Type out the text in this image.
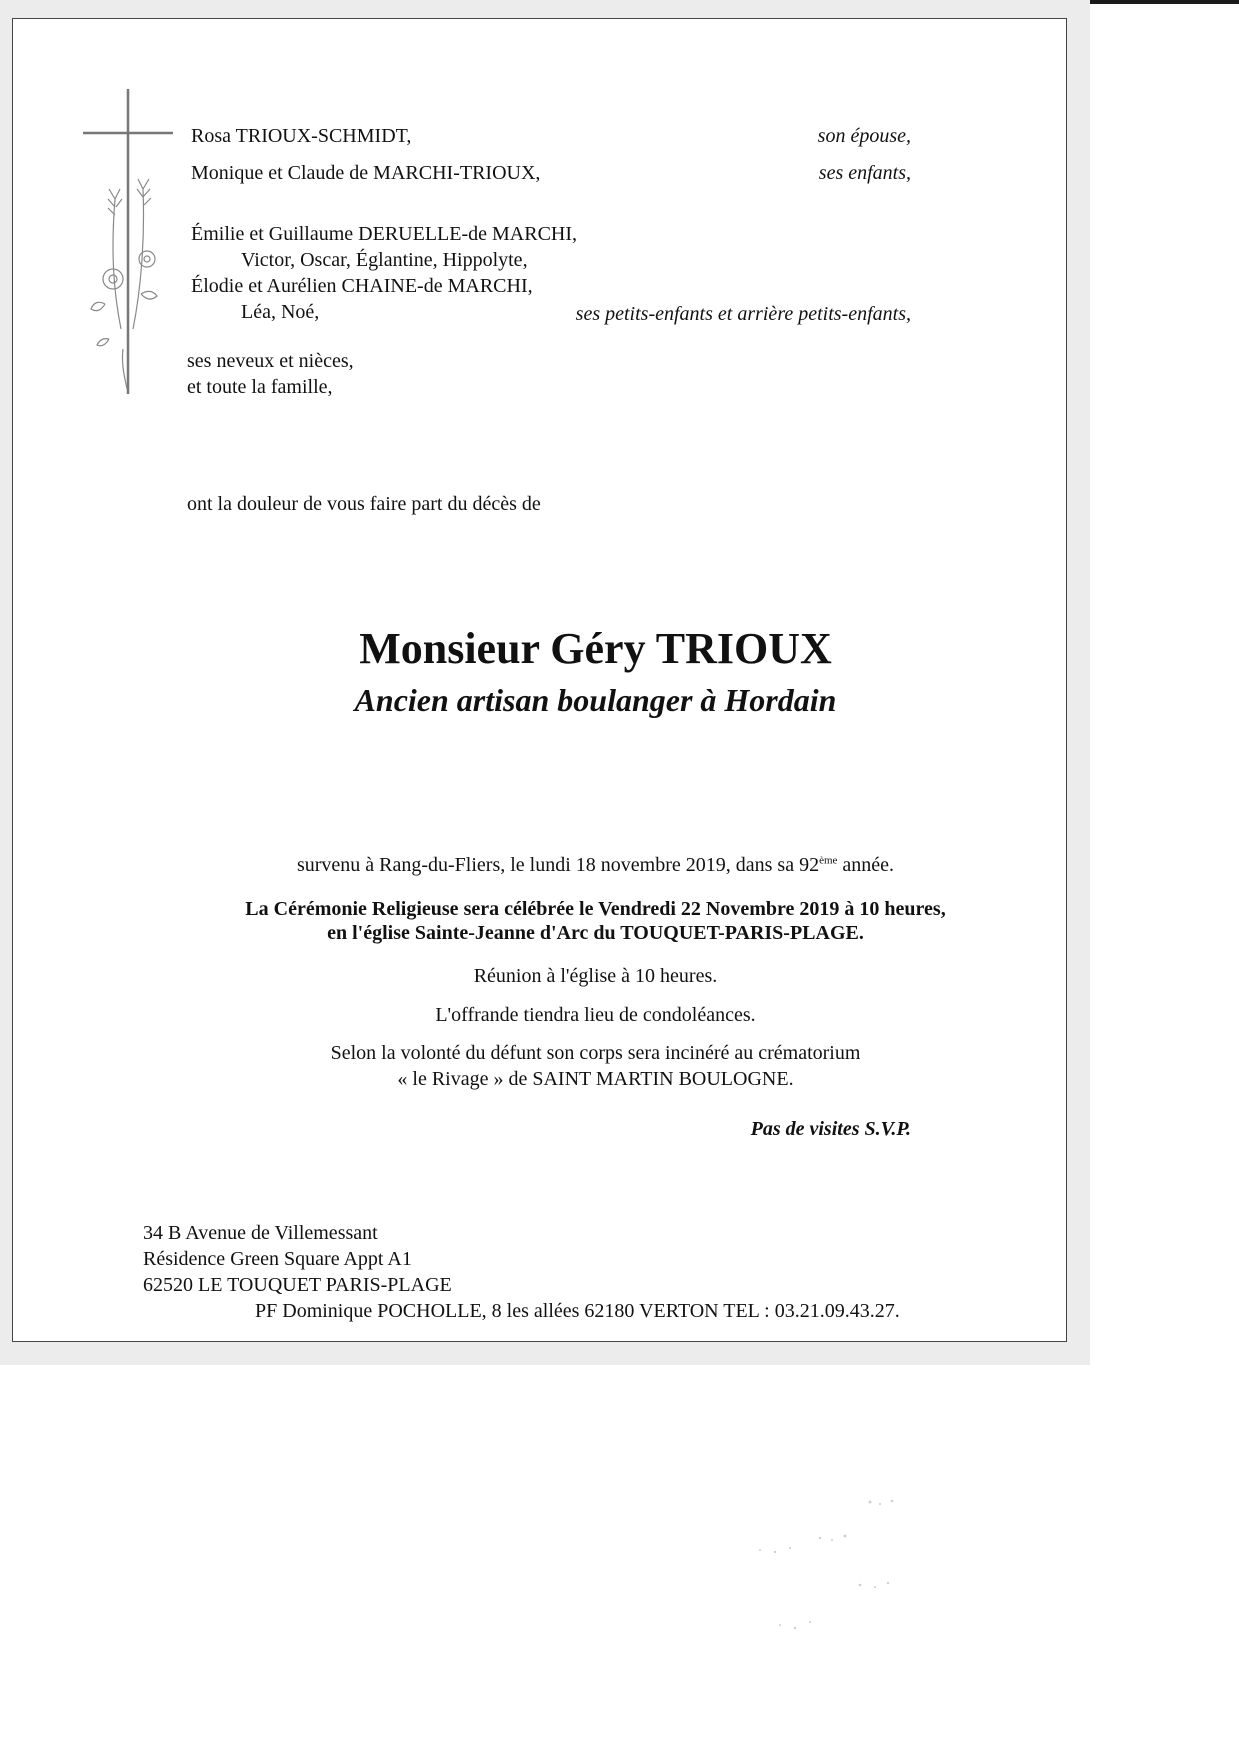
Rosa TRIOUX-SCHMIDT,	son épouse,
Monique et Claude de MARCHI-TRIOUX,	ses enfants,
Émilie et Guillaume DERUELLE-de MARCHI,
Victor, Oscar, Églantine, Hippolyte,
Élodie et Aurélien CHAINE-de MARCHI,
Léa, Noé,	ses petits-enfants et arrière petits-enfants,
ses neveux et nièces,
et toute la famille,
ont la douleur de vous faire part du décès de
Monsieur Géry TRIOUX
Ancien artisan boulanger à Hordain
survenu à Rang-du-Fliers, le lundi 18 novembre 2019, dans sa 92ème année.
La Cérémonie Religieuse sera célébrée le Vendredi 22 Novembre 2019 à 10 heures,
en l'église Sainte-Jeanne d'Arc du TOUQUET-PARIS-PLAGE.
Réunion à l'église à 10 heures.
L'offrande tiendra lieu de condoléances.
Selon la volonté du défunt son corps sera incinéré au crématorium
« le Rivage » de SAINT MARTIN BOULOGNE.
Pas de visites S.V.P.
34 B Avenue de Villemessant
Résidence Green Square Appt A1
62520 LE TOUQUET PARIS-PLAGE
PF Dominique POCHOLLE, 8 les allées 62180 VERTON TEL : 03.21.09.43.27.
